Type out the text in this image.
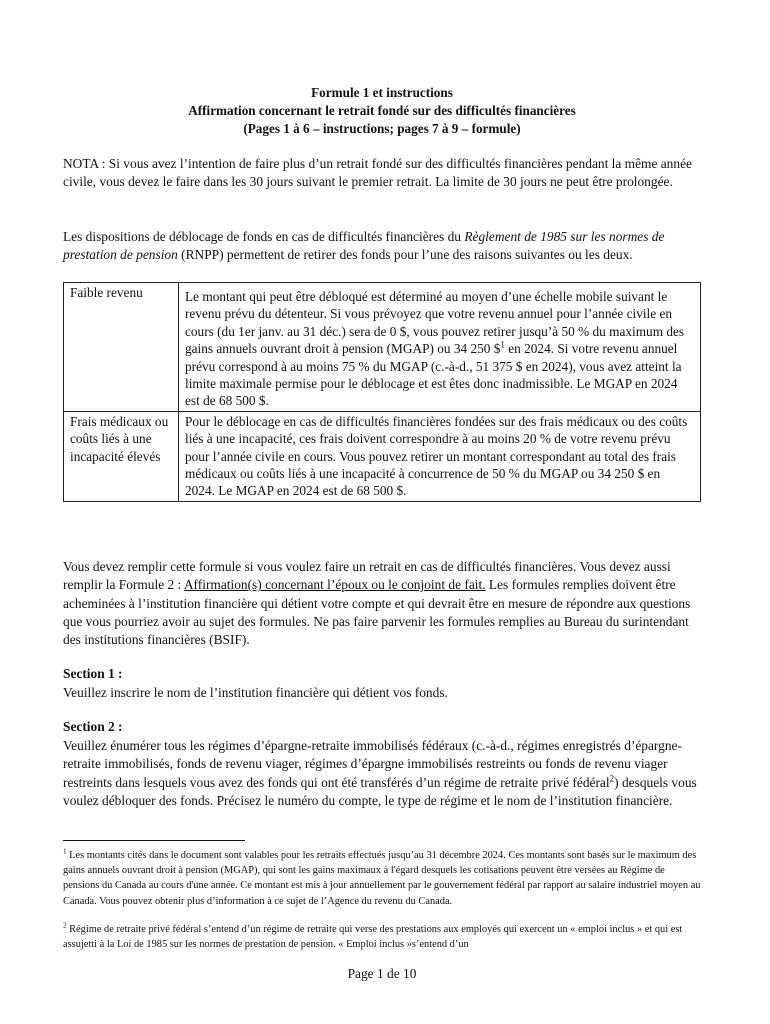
Formule 1 et instructions
Affirmation concernant le retrait fondé sur des difficultés financières
(Pages 1 à 6 – instructions; pages 7 à 9 – formule)
NOTA : Si vous avez l’intention de faire plus d’un retrait fondé sur des difficultés financières pendant la même année civile, vous devez le faire dans les 30 jours suivant le premier retrait. La limite de 30 jours ne peut être prolongée.
Les dispositions de déblocage de fonds en cas de difficultés financières du Règlement de 1985 sur les normes de prestation de pension (RNPP) permettent de retirer des fonds pour l’une des raisons suivantes ou les deux.
Faible revenu	Le montant qui peut être débloqué est déterminé au moyen d’une échelle mobile suivant le revenu prévu du détenteur. Si vous prévoyez que votre revenu annuel pour l’année civile en cours (du 1er janv. au 31 déc.) sera de 0 $, vous pouvez retirer jusqu’à 50 % du maximum des gains annuels ouvrant droit à pension (MGAP) ou 34 250 \$$^1$ en 2024. Si votre revenu annuel prévu correspond à au moins 75 % du MGAP (c.-à-d., 51 375 $ en 2024), vous avez atteint la limite maximale permise pour le déblocage et est êtes donc inadmissible. Le MGAP en 2024 est de 68 500 $.
Frais médicaux ou coûts liés à une incapacité élevés	Pour le déblocage en cas de difficultés financières fondées sur des frais médicaux ou des coûts liés à une incapacité, ces frais doivent correspondre à au moins 20 % de votre revenu prévu pour l’année civile en cours. Vous pouvez retirer un montant correspondant au total des frais médicaux ou coûts liés à une incapacité à concurrence de 50 % du MGAP ou 34 250 $ en 2024. Le MGAP en 2024 est de 68 500 $.
Vous devez remplir cette formule si vous voulez faire un retrait en cas de difficultés financières. Vous devez aussi remplir la Formule 2 : Affirmation(s) concernant l’époux ou le conjoint de fait. Les formules remplies doivent être acheminées à l’institution financière qui détient votre compte et qui devrait être en mesure de répondre aux questions que vous pourriez avoir au sujet des formules. Ne pas faire parvenir les formules remplies au Bureau du surintendant des institutions financières (BSIF).
Section 1 :
Veuillez inscrire le nom de l’institution financière qui détient vos fonds.
Section 2 :
Veuillez énumérer tous les régimes d’épargne-retraite immobilisés fédéraux (c.-à-d., régimes enregistrés d’épargne-retraite immobilisés, fonds de revenu viager, régimes d’épargne immobilisés restreints ou fonds de revenu viager restreints dans lesquels vous avez des fonds qui ont été transférés d’un régime de retraite privé fédéral$^2$) desquels vous voulez débloquer des fonds. Précisez le numéro du compte, le type de régime et le nom de l’institution financière.
$^1$ Les montants cités dans le document sont valables pour les retraits effectués jusqu’au 31 décembre 2024. Ces montants sont basés sur le maximum des gains annuels ouvrant droit à pension (MGAP), qui sont les gains maximaux à l'égard desquels les cotisations peuvent être versées au Régime de pensions du Canada au cours d'une année. Ce montant est mis à jour annuellement par le gouvernement fédéral par rapport au salaire industriel moyen au Canada. Vous pouvez obtenir plus d’information à ce sujet de l’Agence du revenu du Canada.
$^2$ Régime de retraite privé fédéral s’entend d’un régime de retraite qui verse des prestations aux employés qui exercent un « emploi inclus » et qui est assujetti à la Loi de 1985 sur les normes de prestation de pension. « Emploi inclus »s’entend d’un
Page 1 de 10
